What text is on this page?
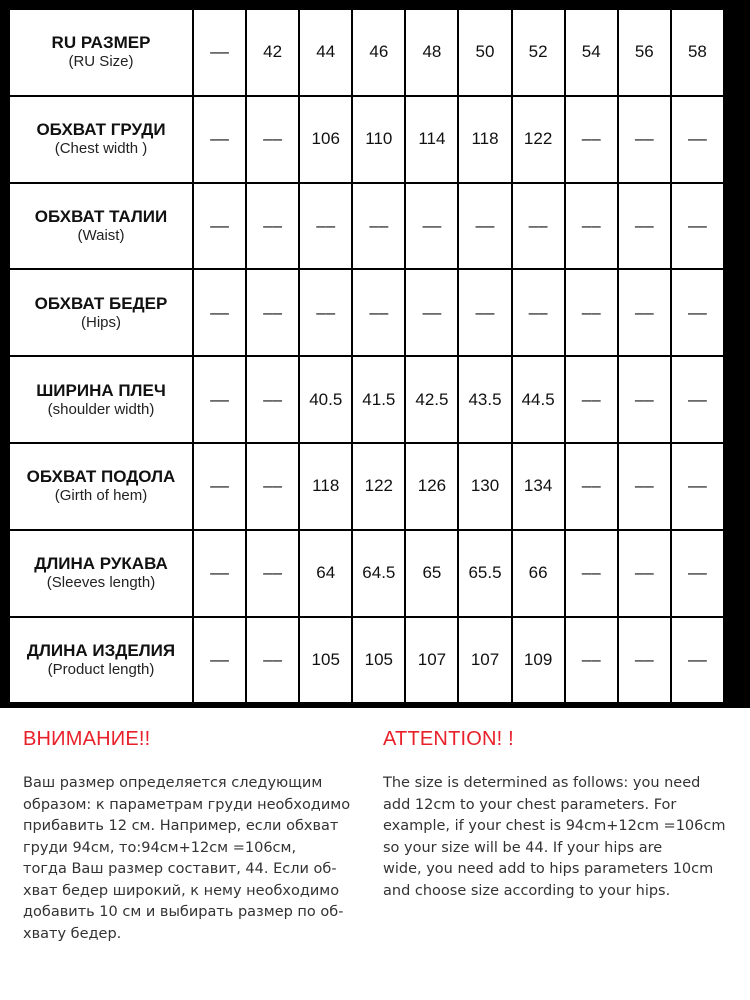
RU РАЗМЕР
(RU Size)	––	42	44	46	48	50	52	54	56	58

ОБХВАТ ГРУДИ
(Chest width )	––	––	106	110	114	118	122	––	––	––

ОБХВАТ ТАЛИИ
(Waist)	––	––	––	––	––	––	––	––	––	––

ОБХВАТ БЕДЕР
(Hips)	––	––	––	––	––	––	––	––	––	––

ШИРИНА ПЛЕЧ
(shoulder width)	––	––	40.5	41.5	42.5	43.5	44.5	––	––	––

ОБХВАТ ПОДОЛА
(Girth of hem)	––	––	118	122	126	130	134	––	––	––

ДЛИНА РУКАВА
(Sleeves length)	––	––	64	64.5	65	65.5	66	––	––	––

ДЛИНА ИЗДЕЛИЯ
(Product length)	––	––	105	105	107	107	109	––	––	––
ВНИМАНИЕ!!

Ваш размер определяется следующим
образом: к параметрам груди необходимо
прибавить 12 см. Например, если обхват
груди 94см, то:94см+12см =106см,
тогда Ваш размер составит, 44. Если об-
хват бедер широкий, к нему необходимо
добавить 10 см и выбирать размер по об-
хвату бедер.

ATTENTION! !

The size is determined as follows: you need
add 12cm to your chest parameters. For
example, if your chest is 94cm+12cm =106cm
so your size will be 44. If your hips are
wide, you need add to hips parameters 10cm
and choose size according to your hips.
